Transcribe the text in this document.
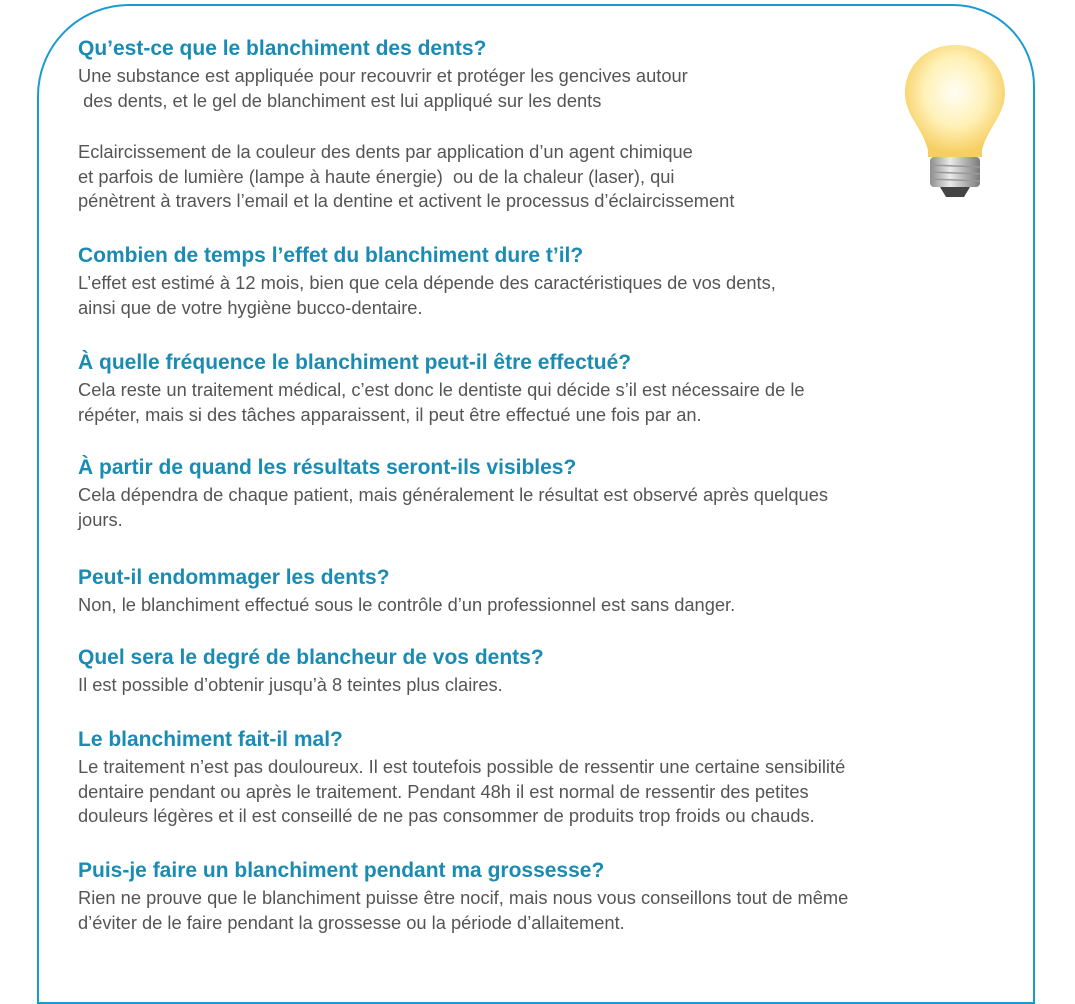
Qu’est-ce que le blanchiment des dents?
Une substance est appliquée pour recouvrir et protéger les gencives autour
des dents, et le gel de blanchiment est lui appliqué sur les dents
Eclaircissement de la couleur des dents par application d’un agent chimique
et parfois de lumière (lampe à haute énergie)  ou de la chaleur (laser), qui
pénètrent à travers l’email et la dentine et activent le processus d’éclaircissement
Combien de temps l’effet du blanchiment dure t’il?
L’effet est estimé à 12 mois, bien que cela dépende des caractéristiques de vos dents,
ainsi que de votre hygiène bucco-dentaire.
À quelle fréquence le blanchiment peut-il être effectué?
Cela reste un traitement médical, c’est donc le dentiste qui décide s’il est nécessaire de le
répéter, mais si des tâches apparaissent, il peut être effectué une fois par an.
À partir de quand les résultats seront-ils visibles?
Cela dépendra de chaque patient, mais généralement le résultat est observé après quelques
jours.
Peut-il endommager les dents?
Non, le blanchiment effectué sous le contrôle d’un professionnel est sans danger.
Quel sera le degré de blancheur de vos dents?
Il est possible d’obtenir jusqu’à 8 teintes plus claires.
Le blanchiment fait-il mal?
Le traitement n’est pas douloureux. Il est toutefois possible de ressentir une certaine sensibilité
dentaire pendant ou après le traitement. Pendant 48h il est normal de ressentir des petites
douleurs légères et il est conseillé de ne pas consommer de produits trop froids ou chauds.
Puis-je faire un blanchiment pendant ma grossesse?
Rien ne prouve que le blanchiment puisse être nocif, mais nous vous conseillons tout de même
d’éviter de le faire pendant la grossesse ou la période d’allaitement.
